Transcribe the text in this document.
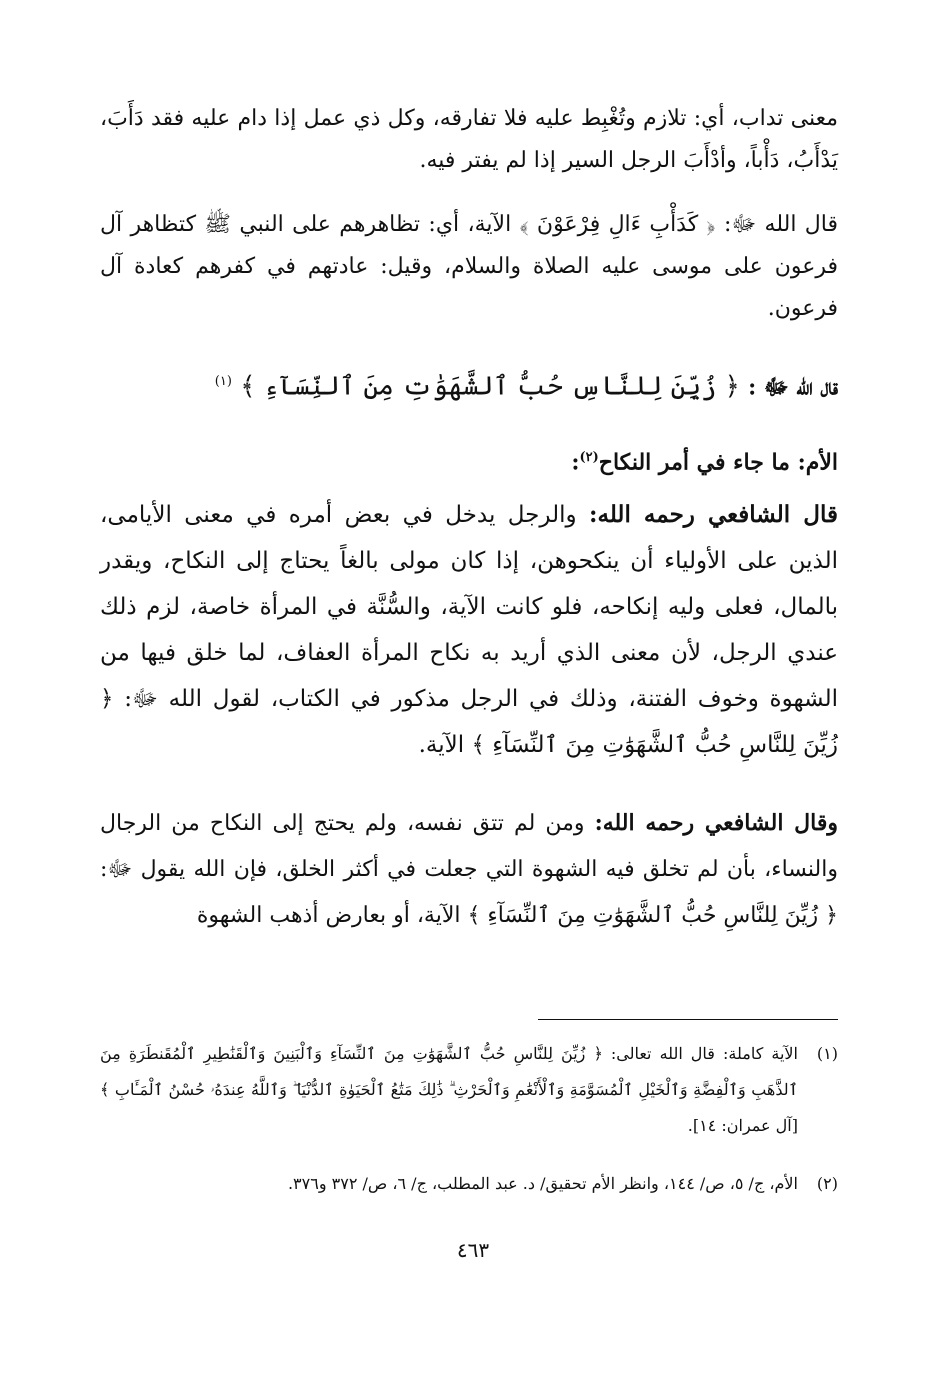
معنى تداب، أي: تلازم وتُغْبِط عليه فلا تفارقه، وكل ذي عمل إذا دام عليه فقد دَأَبَ، يَدْأَبُ، دَأْباً، وأدْأَبَ الرجل السير إذا لم يفتر فيه.

قال الله ﷻ: ﴿ كَدَأْبِ ءَالِ فِرْعَوْنَ ﴾ الآية، أي: تظاهرهم على النبي ﷺ كتظاهر آل فرعون على موسى عليه الصلاة والسلام، وقيل: عادتهم في كفرهم كعادة آل فرعون.

قال الله ﷻ : ﴿ زُيِّنَ لِلنَّاسِ حُبُّ ٱلشَّهَوَٰتِ مِنَ ٱلنِّسَآءِ ﴾ $^{(١)}$
الأم: ما جاء في أمر النكاح$^{(٢)}$:

قال الشافعي رحمه الله: والرجل يدخل في بعض أمره في معنى الأيامى، الذين على الأولياء أن ينكحوهن، إذا كان مولى بالغاً يحتاج إلى النكاح، ويقدر بالمال، فعلى وليه إنكاحه، فلو كانت الآية، والسُّنَّة في المرأة خاصة، لزم ذلك عندي الرجل، لأن معنى الذي أريد به نكاح المرأة العفاف، لما خلق فيها من الشهوة وخوف الفتنة، وذلك في الرجل مذكور في الكتاب، لقول الله ﷻ: ﴿ زُيِّنَ لِلنَّاسِ حُبُّ ٱلشَّهَوَٰتِ مِنَ ٱلنِّسَآءِ ﴾ الآية.

وقال الشافعي رحمه الله: ومن لم تتق نفسه، ولم يحتج إلى النكاح من الرجال والنساء، بأن لم تخلق فيه الشهوة التي جعلت في أكثر الخلق، فإن الله يقول ﷻ: ﴿ زُيِّنَ لِلنَّاسِ حُبُّ ٱلشَّهَوَٰتِ مِنَ ٱلنِّسَآءِ ﴾ الآية، أو بعارض أذهب الشهوة

(١)
الآية كاملة: قال الله تعالى: ﴿ زُيِّنَ لِلنَّاسِ حُبُّ ٱلشَّهَوَٰتِ مِنَ ٱلنِّسَآءِ وَٱلْبَنِينَ وَٱلْقَنَٰطِيرِ ٱلْمُقَنطَرَةِ مِنَ ٱلذَّهَبِ وَٱلْفِضَّةِ وَٱلْخَيْلِ ٱلْمُسَوَّمَةِ وَٱلْأَنْعَٰمِ وَٱلْحَرْثِ ۗ ذَٰلِكَ مَتَٰعُ ٱلْحَيَوٰةِ ٱلدُّنْيَا ۖ وَٱللَّهُ عِندَهُۥ حُسْنُ ٱلْمَـَٔابِ ﴾ [آل عمران: ١٤].
(٢)
الأم، ج/ ٥، ص/ ١٤٤، وانظر الأم تحقيق/ د. عبد المطلب، ج/ ٦، ص/ ٣٧٢ و٣٧٦.
٤٦٣
